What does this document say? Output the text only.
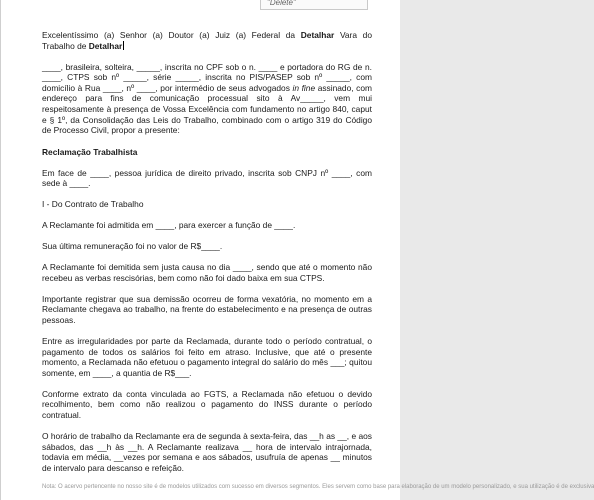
"Delete"

Excelentíssimo (a) Senhor (a) Doutor (a) Juiz (a) Federal da Detalhar Vara do
Trabalho de Detalhar

____, brasileira, solteira, _____, inscrita no CPF sob o n. ____ e portadora do RG de n. ____, CTPS sob nº _____, série _____, inscrita no PIS/PASEP sob nº _____, com domicílio à Rua ____, nº ____, por intermédio de seus advogados in fine assinado, com endereço para fins de comunicação processual sito à Av_____, vem mui respeitosamente à presença de Vossa Excelência com fundamento no artigo 840, caput e § 1º, da Consolidação das Leis do Trabalho, combinado com o artigo 319 do Código de Processo Civil, propor a presente:

Reclamação Trabalhista

Em face de ____, pessoa jurídica de direito privado, inscrita sob CNPJ nº ____, com sede à ____.

I - Do Contrato de Trabalho

A Reclamante foi admitida em ____, para exercer a função de ____.

Sua última remuneração foi no valor de R$____.

A Reclamante foi demitida sem justa causa no dia ____, sendo que até o momento não recebeu as verbas rescisórias, bem como não foi dado baixa em sua CTPS.

Importante registrar que sua demissão ocorreu de forma vexatória, no momento em a Reclamante chegava ao trabalho, na frente do estabelecimento e na presença de outras pessoas.

Entre as irregularidades por parte da Reclamada, durante todo o período contratual, o pagamento de todos os salários foi feito em atraso. Inclusive, que até o presente momento, a Reclamada não efetuou o pagamento integral do salário do mês ___; quitou somente, em ____, a quantia de R$___.

Conforme extrato da conta vinculada ao FGTS, a Reclamada não efetuou o devido recolhimento, bem como não realizou o pagamento do INSS durante o período contratual.

O horário de trabalho da Reclamante era de segunda à sexta-feira, das __h as __, e aos sábados, das __h às __h. A Reclamante realizava __ hora de intervalo intrajornada, todavia em média, __vezes por semana e aos sábados, usufruía de apenas __ minutos de intervalo para descanso e refeição.

Nota: O acervo pertencente no nosso site é de modelos utilizados com sucesso em diversos segmentos. Eles servem como base para elaboração de um modelo personalizado, e sua utilização é de exclusiva
